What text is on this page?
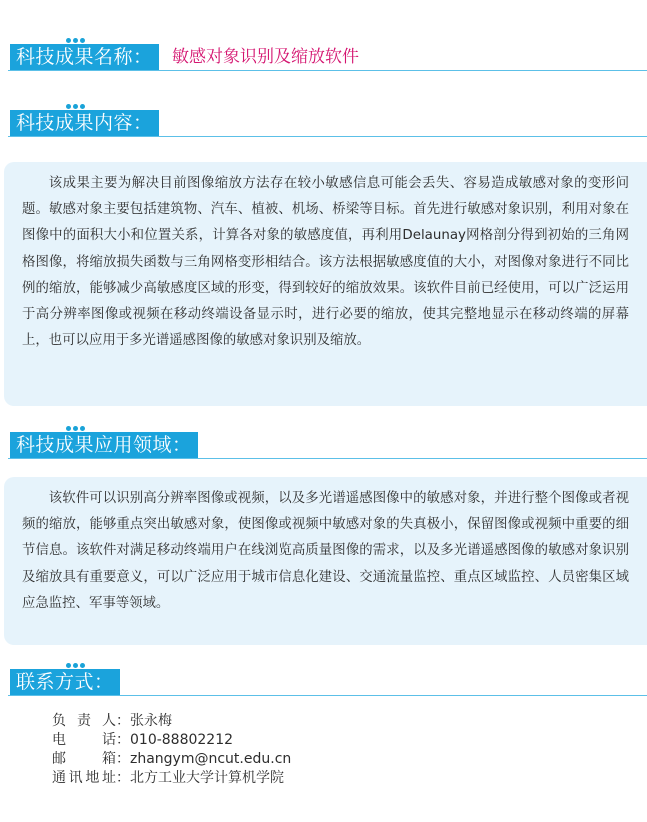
科技成果名称：	敏感对象识别及缩放软件
科技成果内容：

该成果主要为解决目前图像缩放方法存在较小敏感信息可能会丢失、容易造成敏感对象的变形问题。敏感对象主要包括建筑物、汽车、植被、机场、桥梁等目标。首先进行敏感对象识别，利用对象在图像中的面积大小和位置关系，计算各对象的敏感度值，再利用Delaunay网格剖分得到初始的三角网格图像，将缩放损失函数与三角网格变形相结合。该方法根据敏感度值的大小，对图像对象进行不同比例的缩放，能够减少高敏感度区域的形变，得到较好的缩放效果。该软件目前已经使用，可以广泛运用于高分辨率图像或视频在移动终端设备显示时，进行必要的缩放，使其完整地显示在移动终端的屏幕上，也可以应用于多光谱遥感图像的敏感对象识别及缩放。

科技成果应用领域：

该软件可以识别高分辨率图像或视频，以及多光谱遥感图像中的敏感对象，并进行整个图像或者视频的缩放，能够重点突出敏感对象，使图像或视频中敏感对象的失真极小，保留图像或视频中重要的细节信息。该软件对满足移动终端用户在线浏览高质量图像的需求，以及多光谱遥感图像的敏感对象识别及缩放具有重要意义，可以广泛应用于城市信息化建设、交通流量监控、重点区域监控、人员密集区域应急监控、军事等领域。

联系方式：
负责人 ： 张永梅
电 话 ： 010-88802212
邮 箱 ： zhangym@ncut.edu.cn
通讯地址 ： 北方工业大学计算机学院
